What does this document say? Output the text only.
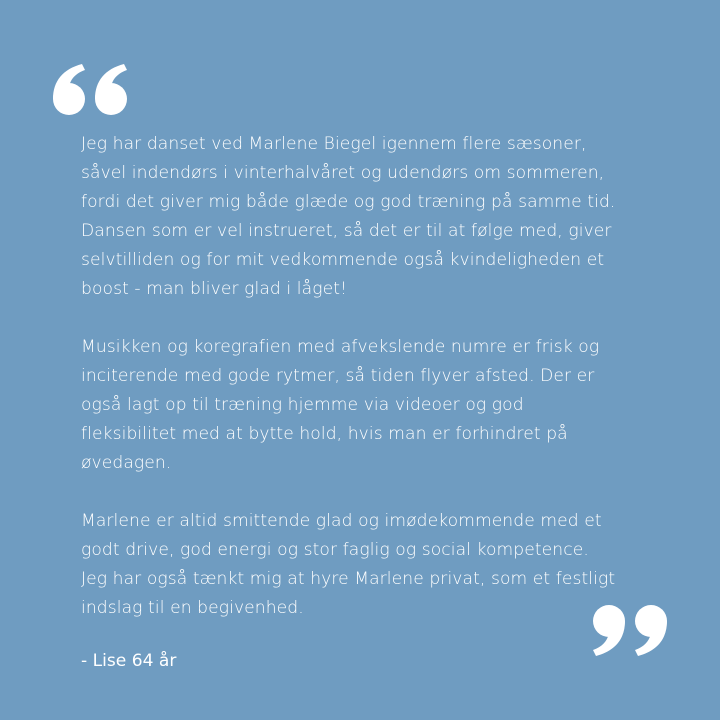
Jeg har danset ved Marlene Biegel igennem flere sæsoner,
såvel indendørs i vinterhalvåret og udendørs om sommeren,
fordi det giver mig både glæde og god træning på samme tid.
Dansen som er vel instrueret, så det er til at følge med, giver
selvtilliden og for mit vedkommende også kvindeligheden et
boost - man bliver glad i låget!

Musikken og koregrafien med afvekslende numre er frisk og
inciterende med gode rytmer, så tiden flyver afsted. Der er
også lagt op til træning hjemme via videoer og god
fleksibilitet med at bytte hold, hvis man er forhindret på
øvedagen.

Marlene er altid smittende glad og imødekommende med et
godt drive, god energi og stor faglig og social kompetence.
Jeg har også tænkt mig at hyre Marlene privat, som et festligt
indslag til en begivenhed.

- Lise 64 år
